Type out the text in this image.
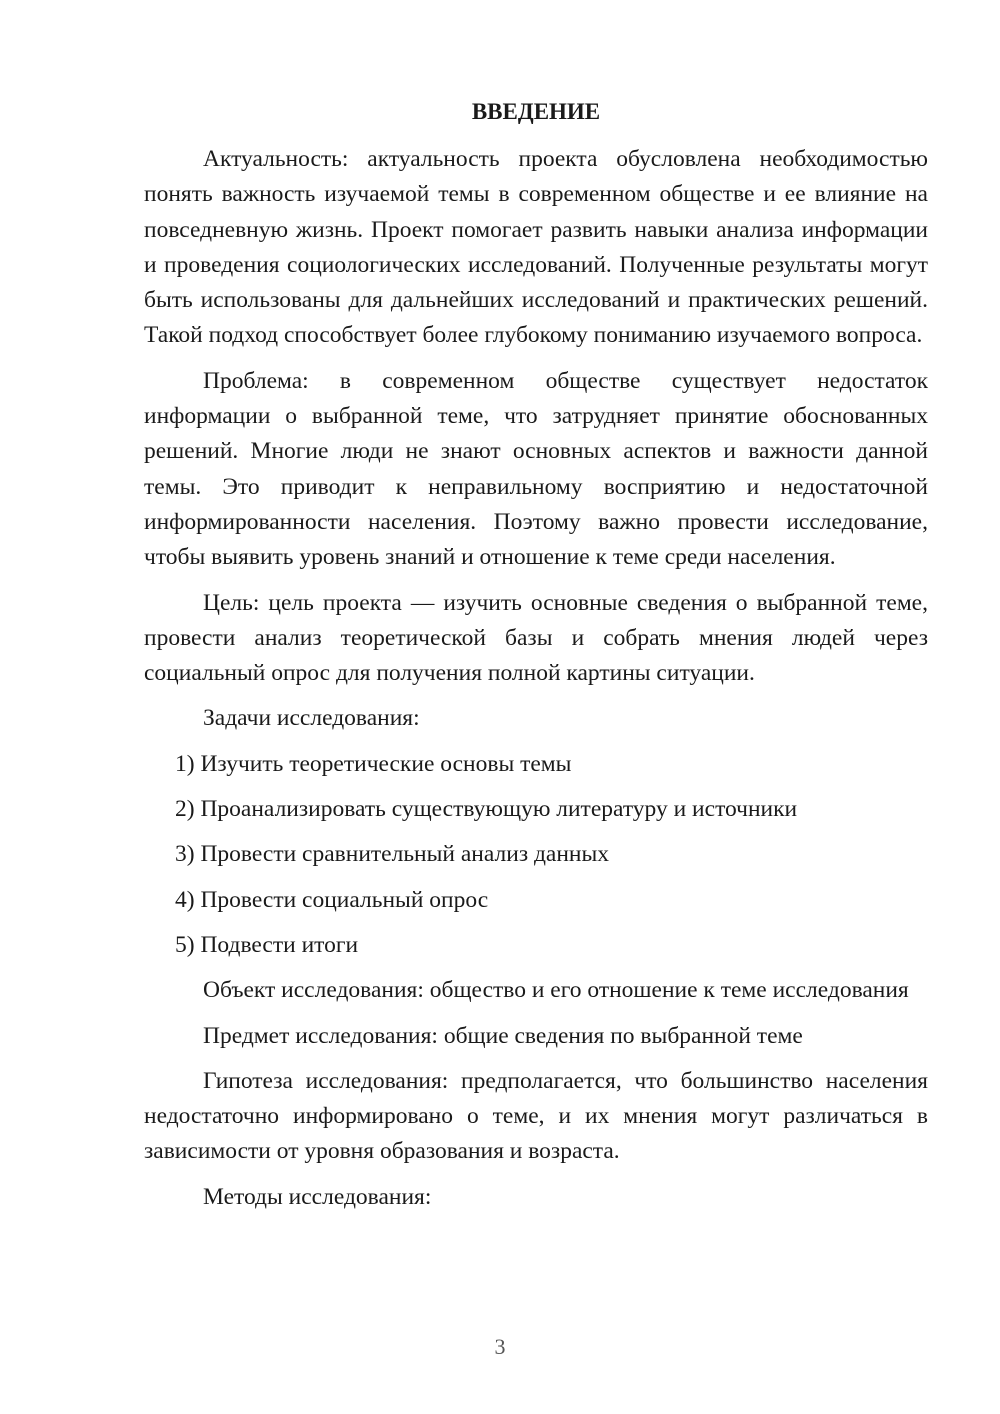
ВВЕДЕНИЕ

Актуальность: актуальность проекта обусловлена необходимостью понять важность изучаемой темы в современном обществе и ее влияние на повседневную жизнь. Проект помогает развить навыки анализа информации и проведения социологических исследований. Полученные результаты могут быть использованы для дальнейших исследований и практических решений. Такой подход способствует более глубокому пониманию изучаемого вопроса.

Проблема: в современном обществе существует недостаток информации о выбранной теме, что затрудняет принятие обоснованных решений. Многие люди не знают основных аспектов и важности данной темы. Это приводит к неправильному восприятию и недостаточной информированности населения. Поэтому важно провести исследование, чтобы выявить уровень знаний и отношение к теме среди населения.

Цель: цель проекта — изучить основные сведения о выбранной теме, провести анализ теоретической базы и собрать мнения людей через социальный опрос для получения полной картины ситуации.

Задачи исследования:

1) Изучить теоретические основы темы
2) Проанализировать существующую литературу и источники
3) Провести сравнительный анализ данных
4) Провести социальный опрос
5) Подвести итоги

Объект исследования: общество и его отношение к теме исследования

Предмет исследования: общие сведения по выбранной теме

Гипотеза исследования: предполагается, что большинство населения недостаточно информировано о теме, и их мнения могут различаться в зависимости от уровня образования и возраста.

Методы исследования:

3
